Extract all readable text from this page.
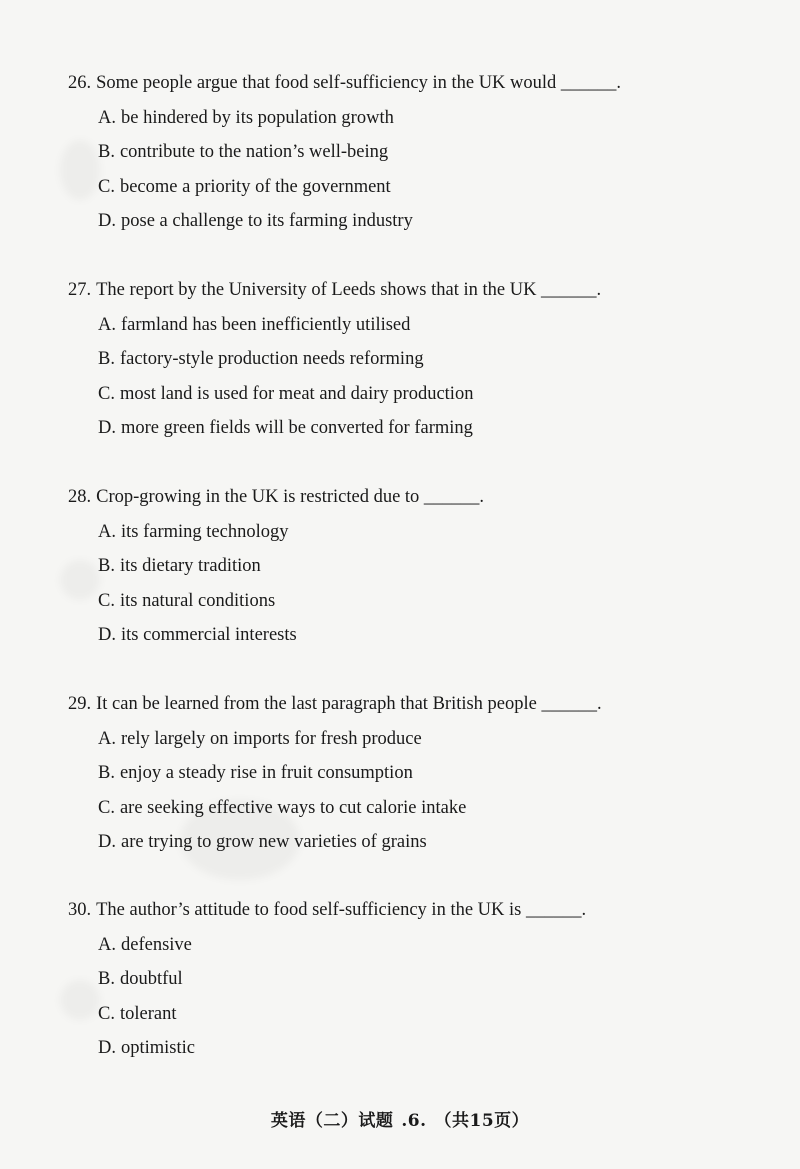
26. Some people argue that food self-sufficiency in the UK would ______.
A. be hindered by its population growth
B. contribute to the nation’s well-being
C. become a priority of the government
D. pose a challenge to its farming industry
27. The report by the University of Leeds shows that in the UK ______.
A. farmland has been inefficiently utilised
B. factory-style production needs reforming
C. most land is used for meat and dairy production
D. more green fields will be converted for farming
28. Crop-growing in the UK is restricted due to ______.
A. its farming technology
B. its dietary tradition
C. its natural conditions
D. its commercial interests
29. It can be learned from the last paragraph that British people ______.
A. rely largely on imports for fresh produce
B. enjoy a steady rise in fruit consumption
C. are seeking effective ways to cut calorie intake
D. are trying to grow new varieties of grains
30. The author’s attitude to food self-sufficiency in the UK is ______.
A. defensive
B. doubtful
C. tolerant
D. optimistic
英语（二）试题 .6. （共15页）
